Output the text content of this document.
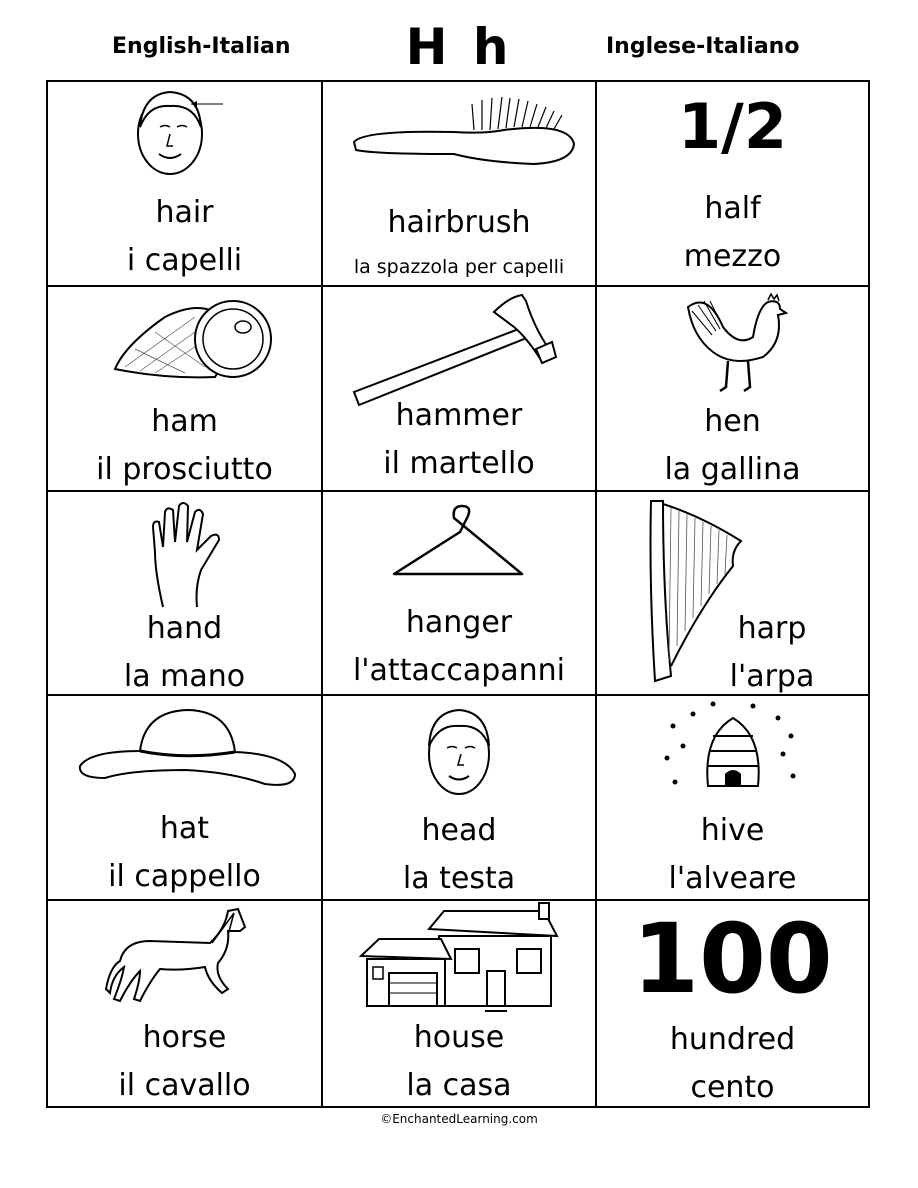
English-Italian	H h	Inglese-Italiano
hair
i capelli
hairbrush
la spazzola per capelli
1/2
half
mezzo
ham
il prosciutto
hammer
il martello
hen
la gallina
hand
la mano
hanger
l'attaccapanni
harp
l'arpa
hat
il cappello
head
la testa
hive
l'alveare
horse
il cavallo
house
la casa
100
hundred
cento
©EnchantedLearning.com
